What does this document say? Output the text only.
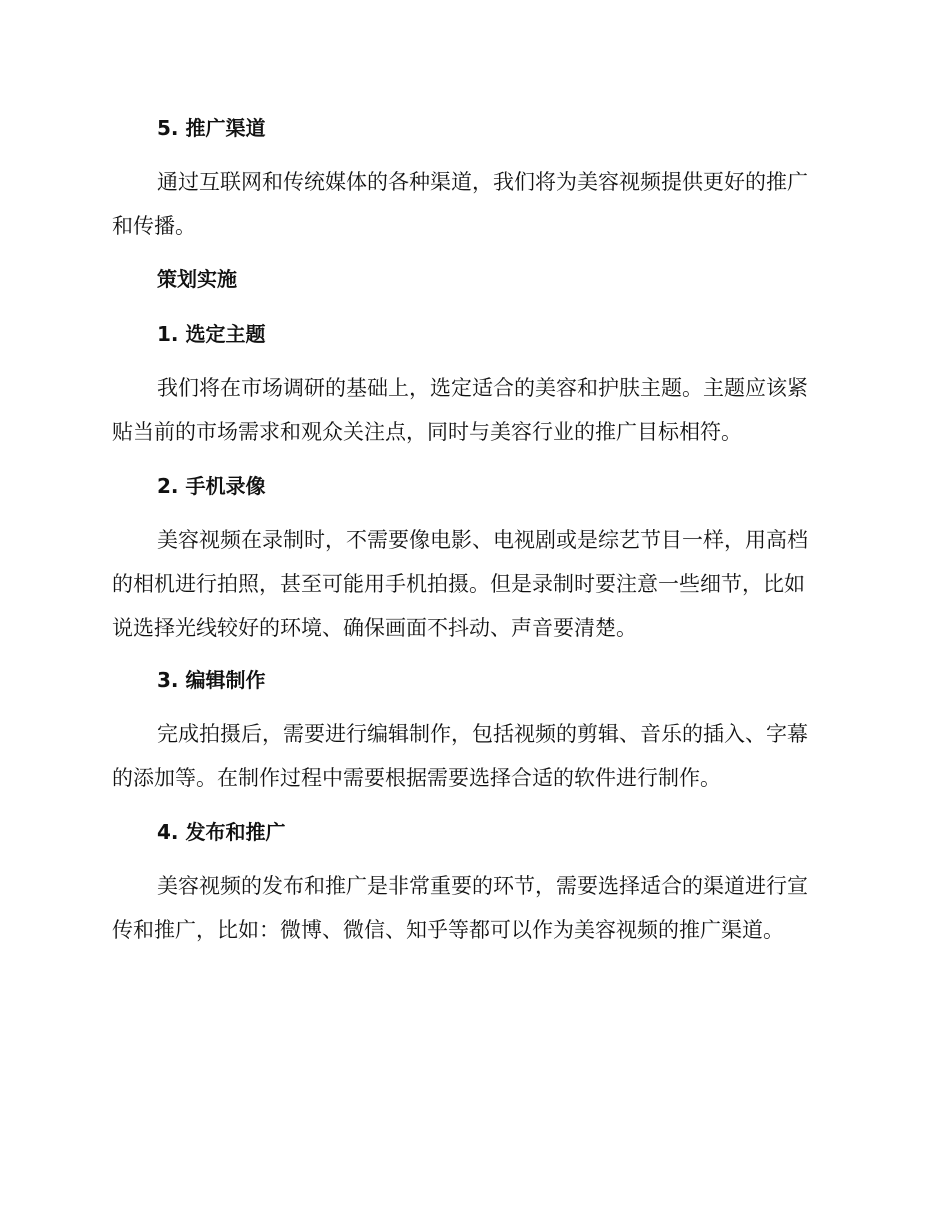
5. 推广渠道
通过互联网和传统媒体的各种渠道，我们将为美容视频提供更好的推广
和传播。
策划实施
1. 选定主题
我们将在市场调研的基础上，选定适合的美容和护肤主题。主题应该紧
贴当前的市场需求和观众关注点，同时与美容行业的推广目标相符。
2. 手机录像
美容视频在录制时，不需要像电影、电视剧或是综艺节目一样，用高档
的相机进行拍照，甚至可能用手机拍摄。但是录制时要注意一些细节，比如
说选择光线较好的环境、确保画面不抖动、声音要清楚。
3. 编辑制作
完成拍摄后，需要进行编辑制作，包括视频的剪辑、音乐的插入、字幕
的添加等。在制作过程中需要根据需要选择合适的软件进行制作。
4. 发布和推广
美容视频的发布和推广是非常重要的环节，需要选择适合的渠道进行宣
传和推广，比如：微博、微信、知乎等都可以作为美容视频的推广渠道。
